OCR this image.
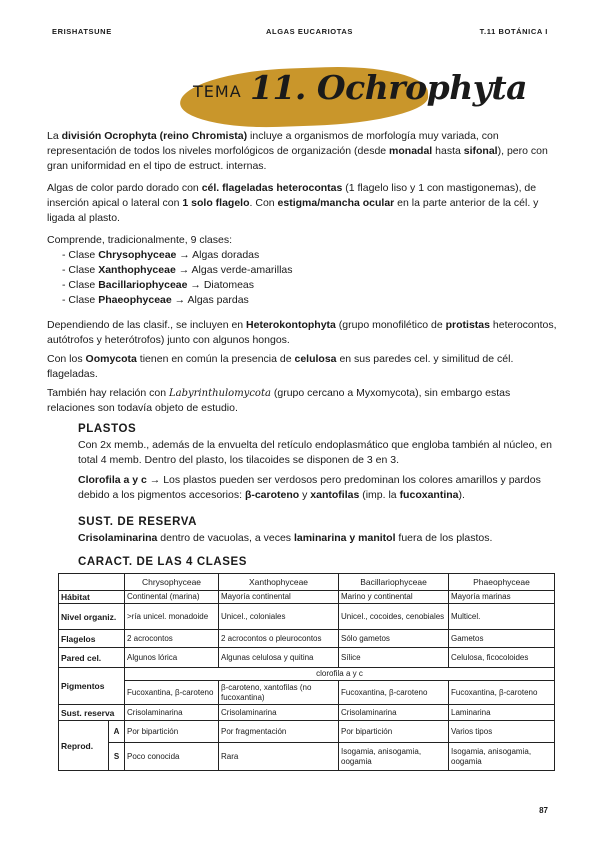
ERISHATSUNE	ALGAS EUCARIOTAS	T.11 BOTÁNICA I
TEMA 11. Ochrophyta

La división Ocrophyta (reino Chromista) incluye a organismos de morfología muy variada, con representación de todos los niveles morfológicos de organización (desde monadal hasta sifonal), pero con gran uniformidad en el tipo de estruct. internas.

Algas de color pardo dorado con cél. flageladas heterocontas (1 flagelo liso y 1 con mastigonemas), de inserción apical o lateral con 1 solo flagelo. Con estigma/mancha ocular en la parte anterior de la cél. y ligada al plasto.

Comprende, tradicionalmente, 9 clases:

- Clase Chrysophyceae → Algas doradas
- Clase Xanthophyceae → Algas verde-amarillas
- Clase Bacillariophyceae → Diatomeas
- Clase Phaeophyceae → Algas pardas

Dependiendo de las clasif., se incluyen en Heterokontophyta (grupo monofilético de protistas heterocontos, autótrofos y heterótrofos) junto con algunos hongos.

Con los Oomycota tienen en común la presencia de celulosa en sus paredes cel. y similitud de cél. flageladas.

También hay relación con Labyrinthulomycota (grupo cercano a Myxomycota), sin embargo estas relaciones son todavía objeto de estudio.

PLASTOS

Con 2x memb., además de la envuelta del retículo endoplasmático que engloba también al núcleo, en total 4 memb. Dentro del plasto, los tilacoides se disponen de 3 en 3.

Clorofila a y c → Los plastos pueden ser verdosos pero predominan los colores amarillos y pardos debido a los pigmentos accesorios: β-caroteno y xantofilas (imp. la fucoxantina).

SUST. DE RESERVA

Crisolaminarina dentro de vacuolas, a veces laminarina y manitol fuera de los plastos.

CARACT. DE LAS 4 CLASES
		Chrysophyceae	Xanthophyceae	Bacillariophyceae	Phaeophyceae
Hábitat		Continental (marina)	Mayoría continental	Marino y continental	Mayoría marinas
Nivel organiz.		>ría unicel. monadoide	Unicel., coloniales	Unicel., cocoides, cenobiales	Multicel.
Flagelos		2 acrocontos	2 acrocontos o pleurocontos	Sólo gametos	Gametos
Pared cel.		Algunos lórica	Algunas celulosa y quitina	Sílice	Celulosa, ficocoloides
Pigmentos		clorofila a y c			
		Fucoxantina, β-caroteno	β-caroteno, xantofilas (no fucoxantina)	Fucoxantina, β-caroteno	Fucoxantina, β-caroteno
Sust. reserva		Crisolaminarina	Crisolaminarina	Crisolaminarina	Laminarina
Reprod.	A	Por bipartición	Por fragmentación	Por bipartición	Varios tipos
	S	Poco conocida	Rara	Isogamia, anisogamia, oogamia	Isogamia, anisogamia, oogamia
87
